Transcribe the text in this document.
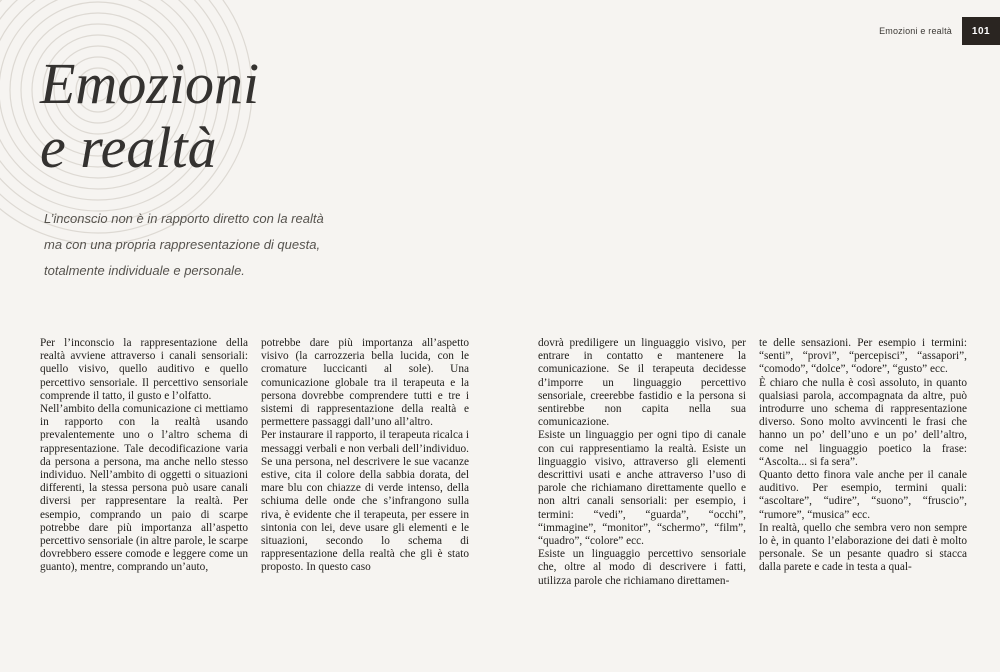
Emozioni e realtà 101
Emozioni
e realtà
L’inconscio non è in rapporto diretto con la realtà
ma con una propria rappresentazione di questa,
totalmente individuale e personale.

Per l’inconscio la rappresentazione della realtà avviene attraverso i canali sensoriali: quello visivo, quello auditivo e quello percettivo sensoriale. Il percettivo sensoriale comprende il tatto, il gusto e l’olfatto.

Nell’ambito della comunicazione ci mettiamo in rapporto con la realtà usando prevalentemente uno o l’altro schema di rappresentazione. Tale decodificazione varia da persona a persona, ma anche nello stesso individuo. Nell’ambito di oggetti o situazioni differenti, la stessa persona può usare canali diversi per rappresentare la realtà. Per esempio, comprando un paio di scarpe potrebbe dare più importanza all’aspetto percettivo sensoriale (in altre parole, le scarpe dovrebbero essere comode e leggere come un guanto), mentre, comprando un’auto,

potrebbe dare più importanza all’aspetto visivo (la carrozzeria bella lucida, con le cromature luccicanti al sole). Una comunicazione globale tra il terapeuta e la persona dovrebbe comprendere tutti e tre i sistemi di rappresentazione della realtà e permettere passaggi dall’uno all’altro.

Per instaurare il rapporto, il terapeuta ricalca i messaggi verbali e non verbali dell’individuo. Se una persona, nel descrivere le sue vacanze estive, cita il colore della sabbia dorata, del mare blu con chiazze di verde intenso, della schiuma delle onde che s’infrangono sulla riva, è evidente che il terapeuta, per essere in sintonia con lei, deve usare gli elementi e le situazioni, secondo lo schema di rappresentazione della realtà che gli è stato proposto. In questo caso

dovrà prediligere un linguaggio visivo, per entrare in contatto e mantenere la comunicazione. Se il terapeuta decidesse d’imporre un linguaggio percettivo sensoriale, creerebbe fastidio e la persona si sentirebbe non capita nella sua comunicazione.

Esiste un linguaggio per ogni tipo di canale con cui rappresentiamo la realtà. Esiste un linguaggio visivo, attraverso gli elementi descrittivi usati e anche attraverso l’uso di parole che richiamano direttamente quello e non altri canali sensoriali: per esempio, i termini: “vedi”, “guarda”, “occhi”, “immagine”, “monitor”, “schermo”, “film”, “quadro”, “colore” ecc.

Esiste un linguaggio percettivo sensoriale che, oltre al modo di descrivere i fatti, utilizza parole che richiamano direttamen-

te delle sensazioni. Per esempio i termini: “senti”, “provi”, “percepisci”, “assapori”, “comodo”, “dolce”, “odore”, “gusto” ecc.

È chiaro che nulla è così assoluto, in quanto qualsiasi parola, accompagnata da altre, può introdurre uno schema di rappresentazione diverso. Sono molto avvincenti le frasi che hanno un po’ dell’uno e un po’ dell’altro, come nel linguaggio poetico la frase: “Ascolta... si fa sera”.

Quanto detto finora vale anche per il canale auditivo. Per esempio, termini quali: “ascoltare”, “udire”, “suono”, “fruscio”, “rumore”, “musica” ecc.

In realtà, quello che sembra vero non sempre lo è, in quanto l’elaborazione dei dati è molto personale. Se un pesante quadro si stacca dalla parete e cade in testa a qual-
